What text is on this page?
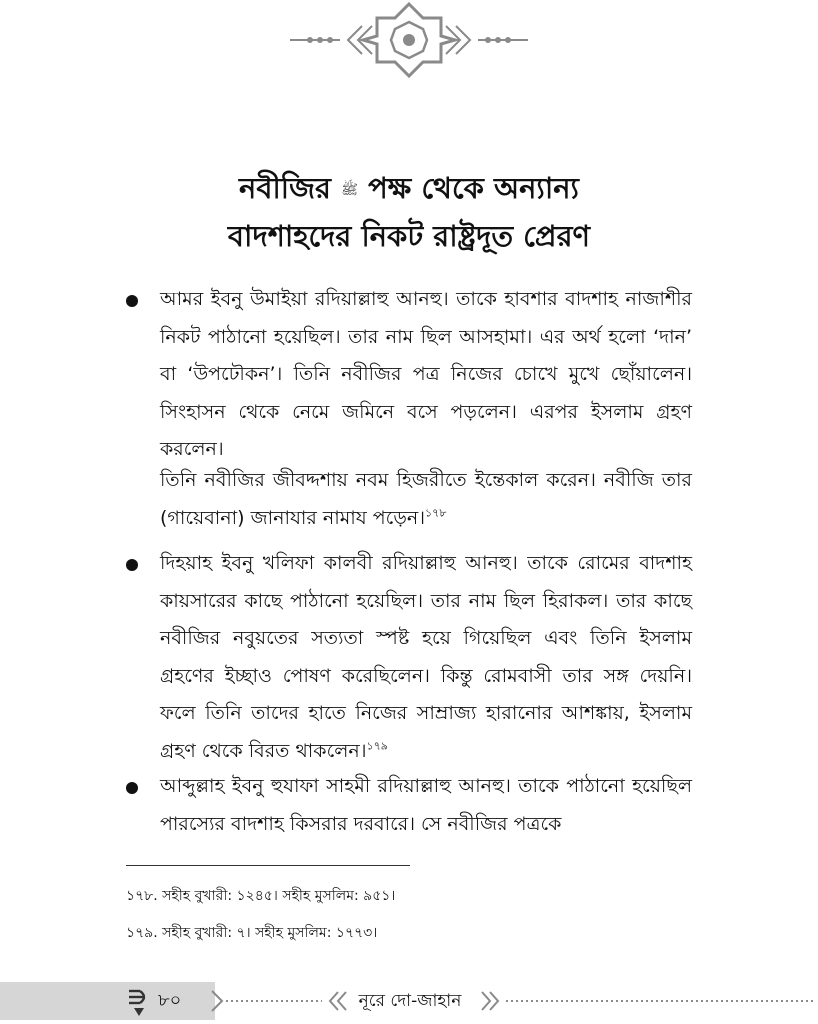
নবীজির ﷺ পক্ষ থেকে অন্যান্য
বাদশাহদের নিকট রাষ্ট্রদূত প্রেরণ
আমর ইবনু উমাইয়া রদিয়াল্লাহু আনহু। তাকে হাবশার বাদশাহ নাজাশীর নিকট পাঠানো হয়েছিল। তার নাম ছিল আসহামা। এর অর্থ হলো ‘দান’ বা ‘উপঢৌকন’। তিনি নবীজির পত্র নিজের চোখে মুখে ছোঁয়ালেন। সিংহাসন থেকে নেমে জমিনে বসে পড়লেন। এরপর ইসলাম গ্রহণ করলেন।
তিনি নবীজির জীবদ্দশায় নবম হিজরীতে ইন্তেকাল করেন। নবীজি তার (গায়েবানা) জানাযার নামায পড়েন।$^{১৭৮}$
দিহয়াহ ইবনু খলিফা কালবী রদিয়াল্লাহু আনহু। তাকে রোমের বাদশাহ কায়সারের কাছে পাঠানো হয়েছিল। তার নাম ছিল হিরাকল। তার কাছে নবীজির নবুয়তের সত্যতা স্পষ্ট হয়ে গিয়েছিল এবং তিনি ইসলাম গ্রহণের ইচ্ছাও পোষণ করেছিলেন। কিন্তু রোমবাসী তার সঙ্গ দেয়নি। ফলে তিনি তাদের হাতে নিজের সাম্রাজ্য হারানোর আশঙ্কায়, ইসলাম গ্রহণ থেকে বিরত থাকলেন।$^{১৭৯}$
আব্দুল্লাহ ইবনু হুযাফা সাহমী রদিয়াল্লাহু আনহু। তাকে পাঠানো হয়েছিল পারস্যের বাদশাহ কিসরার দরবারে। সে নবীজির পত্রকে
১৭৮. সহীহ বুখারী: ১২৪৫। সহীহ মুসলিম: ৯৫১।
১৭৯. সহীহ বুখারী: ৭। সহীহ মুসলিম: ১৭৭৩।
৮০	নূরে দো-জাহান
